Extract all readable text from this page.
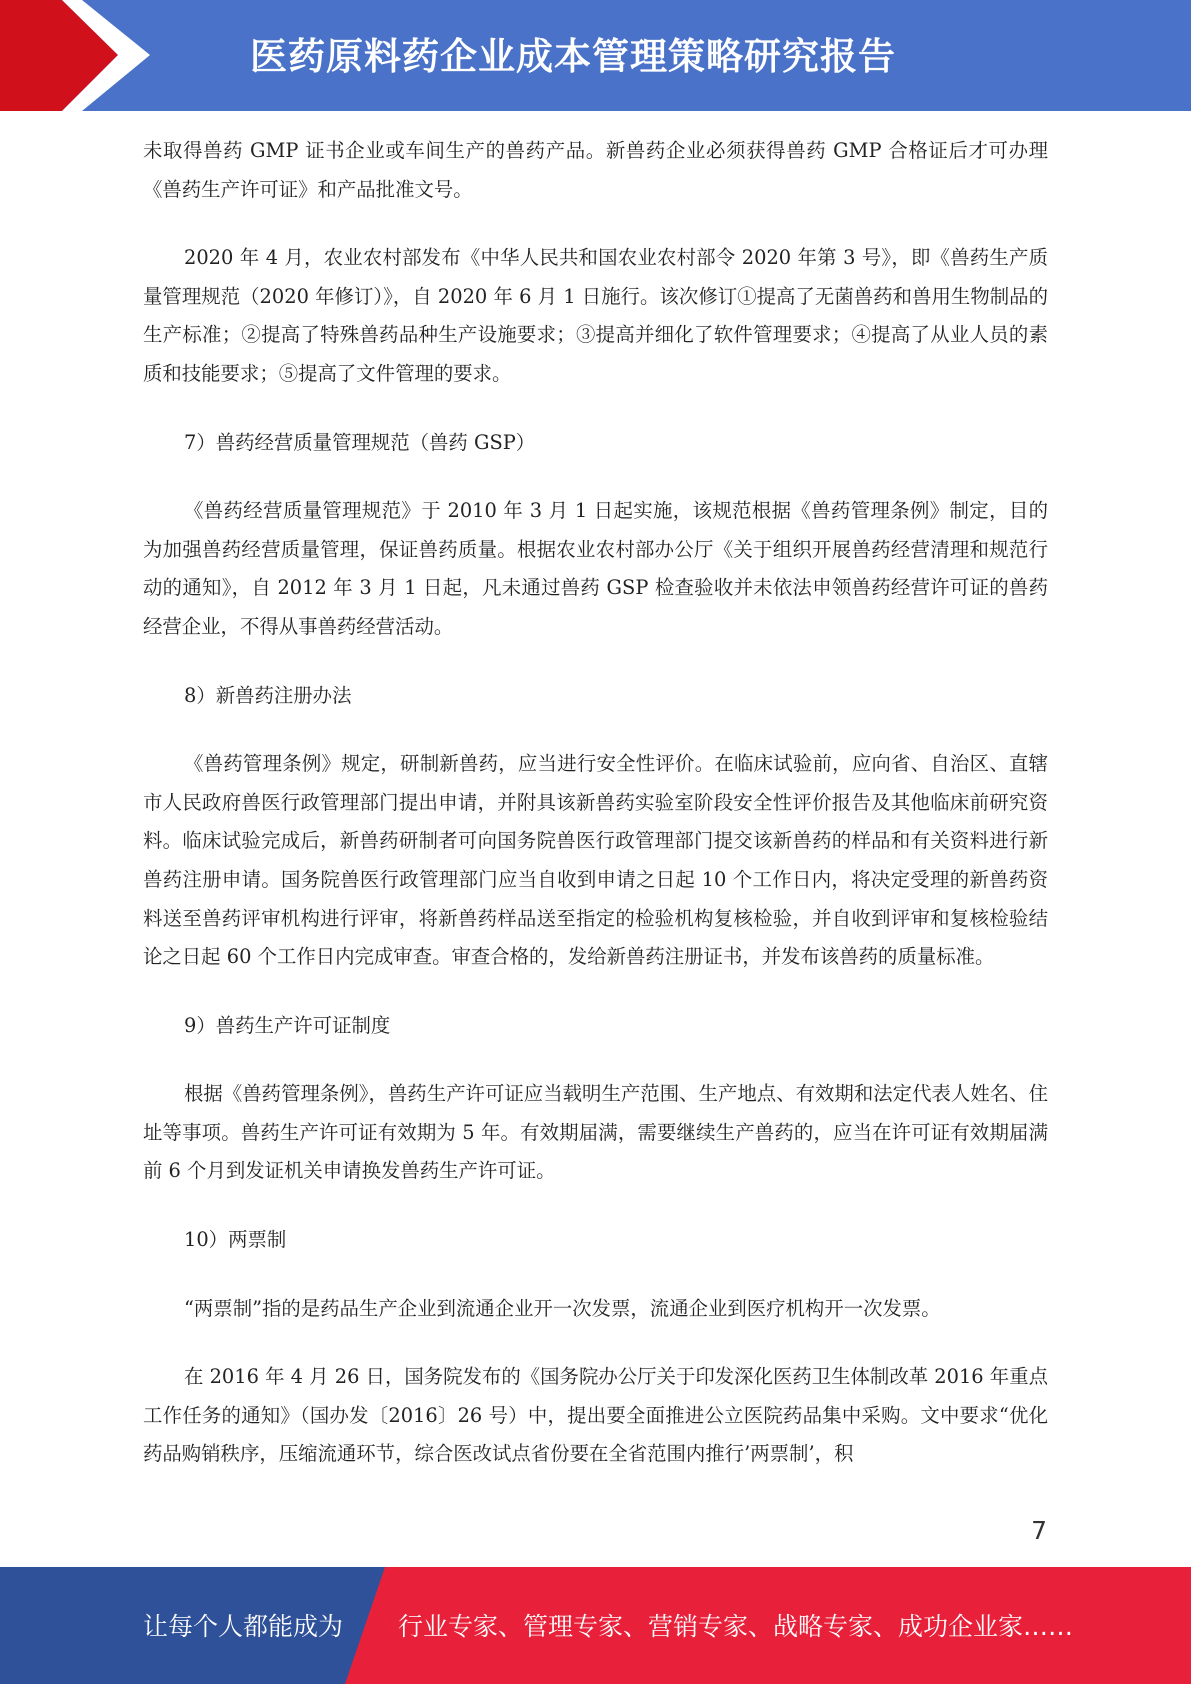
医药原料药企业成本管理策略研究报告

未取得兽药 GMP 证书企业或车间生产的兽药产品。新兽药企业必须获得兽药 GMP 合格证后才可办理《兽药生产许可证》和产品批准文号。

2020 年 4 月，农业农村部发布《中华人民共和国农业农村部令 2020 年第 3 号》，即《兽药生产质量管理规范（2020 年修订）》，自 2020 年 6 月 1 日施行。该次修订①提高了无菌兽药和兽用生物制品的生产标准；②提高了特殊兽药品种生产设施要求；③提高并细化了软件管理要求；④提高了从业人员的素质和技能要求；⑤提高了文件管理的要求。

7）兽药经营质量管理规范（兽药 GSP）

《兽药经营质量管理规范》于 2010 年 3 月 1 日起实施，该规范根据《兽药管理条例》制定，目的为加强兽药经营质量管理，保证兽药质量。根据农业农村部办公厅《关于组织开展兽药经营清理和规范行动的通知》，自 2012 年 3 月 1 日起，凡未通过兽药 GSP 检查验收并未依法申领兽药经营许可证的兽药经营企业，不得从事兽药经营活动。

8）新兽药注册办法

《兽药管理条例》规定，研制新兽药，应当进行安全性评价。在临床试验前，应向省、自治区、直辖市人民政府兽医行政管理部门提出申请，并附具该新兽药实验室阶段安全性评价报告及其他临床前研究资料。临床试验完成后，新兽药研制者可向国务院兽医行政管理部门提交该新兽药的样品和有关资料进行新兽药注册申请。国务院兽医行政管理部门应当自收到申请之日起 10 个工作日内，将决定受理的新兽药资料送至兽药评审机构进行评审，将新兽药样品送至指定的检验机构复核检验，并自收到评审和复核检验结论之日起 60 个工作日内完成审查。审查合格的，发给新兽药注册证书，并发布该兽药的质量标准。

9）兽药生产许可证制度

根据《兽药管理条例》，兽药生产许可证应当载明生产范围、生产地点、有效期和法定代表人姓名、住址等事项。兽药生产许可证有效期为 5 年。有效期届满，需要继续生产兽药的，应当在许可证有效期届满前 6 个月到发证机关申请换发兽药生产许可证。

10）两票制

“两票制”指的是药品生产企业到流通企业开一次发票，流通企业到医疗机构开一次发票。

在 2016 年 4 月 26 日，国务院发布的《国务院办公厅关于印发深化医药卫生体制改革 2016 年重点工作任务的通知》（国办发〔2016〕26 号）中，提出要全面推进公立医院药品集中采购。文中要求“优化药品购销秩序，压缩流通环节，综合医改试点省份要在全省范围内推行’两票制’，积

7
让每个人都能成为 行业专家、管理专家、营销专家、战略专家、成功企业家……
